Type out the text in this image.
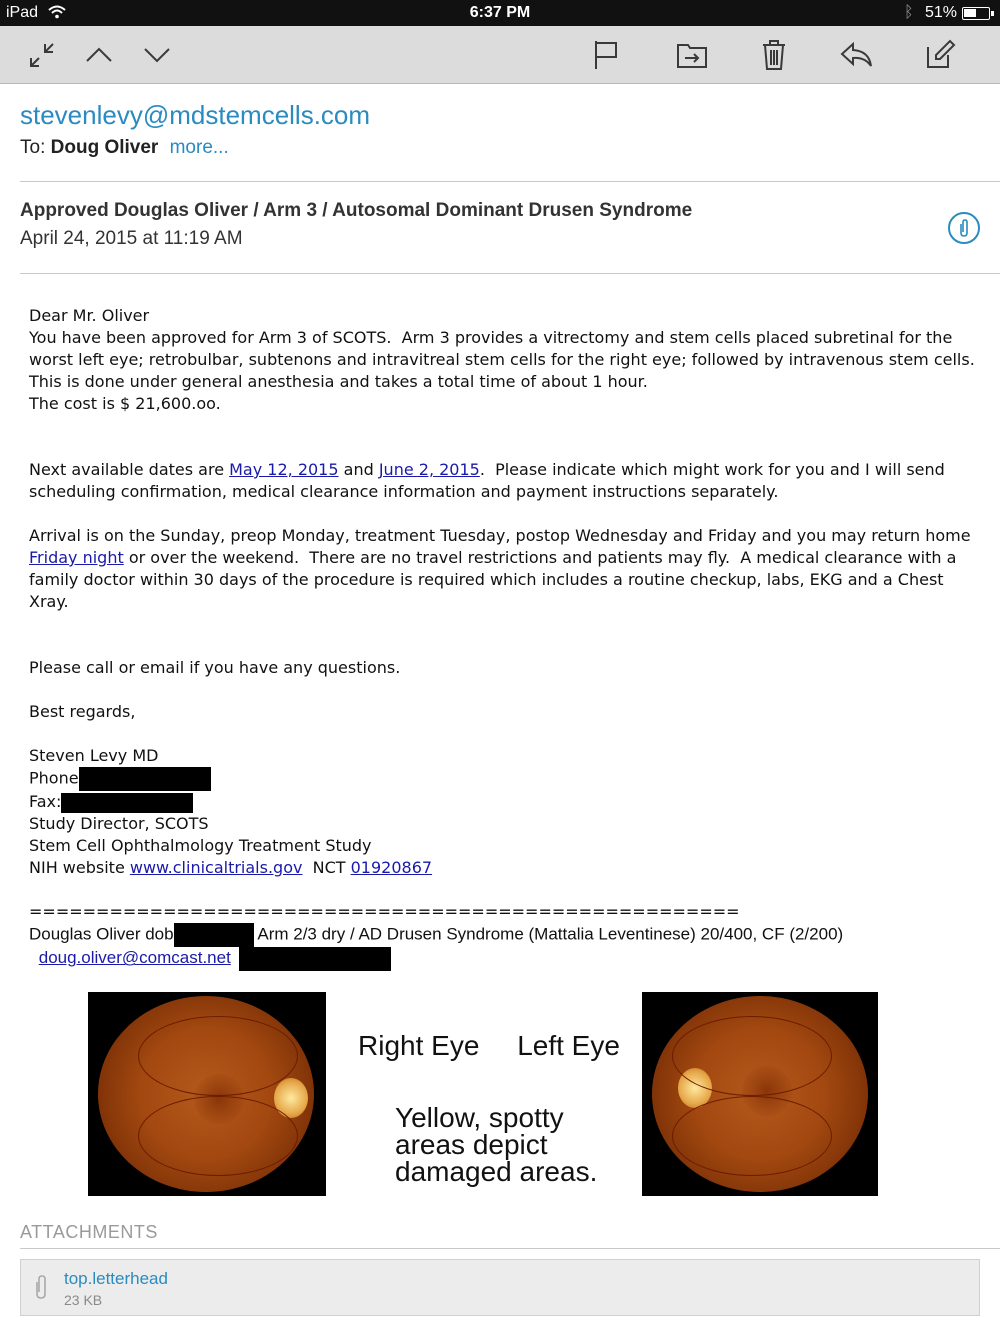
iPad	6:37 PM	ᛒ 51%
stevenlevy@mdstemcells.com
To: Doug Oliver more...
Approved Douglas Oliver / Arm 3 / Autosomal Dominant Drusen Syndrome
April 24, 2015 at 11:19 AM

Dear Mr. Oliver

You have been approved for Arm 3 of SCOTS.  Arm 3 provides a vitrectomy and stem cells placed subretinal for the worst left eye; retrobulbar, subtenons and intravitreal stem cells for the right eye; followed by intravenous stem cells.  This is done under general anesthesia and takes a total time of about 1 hour.

The cost is $ 21,600.oo.

Next available dates are May 12, 2015 and June 2, 2015.  Please indicate which might work for you and I will send scheduling confirmation, medical clearance information and payment instructions separately.

Arrival is on the Sunday, preop Monday, treatment Tuesday, postop Wednesday and Friday and you may return home Friday night or over the weekend.  There are no travel restrictions and patients may fly.  A medical clearance with a family doctor within 30 days of the procedure is required which includes a routine checkup, labs, EKG and a Chest Xray.

Please call or email if you have any questions.

Best regards,

Steven Levy MD

Phone

Fax:

Study Director, SCOTS

Stem Cell Ophthalmology Treatment Study

NIH website www.clinicaltrials.gov  NCT 01920867

=====================================================

Douglas Oliver dob	Arm 2/3 dry / AD Drusen Syndrome (Mattalia Leventinese) 20/400, CF (2/200)

doug.oliver@comcast.net

Right Eye Left Eye
Yellow, spotty
areas depict
damaged areas.
ATTACHMENTS
top.letterhead
23 KB
